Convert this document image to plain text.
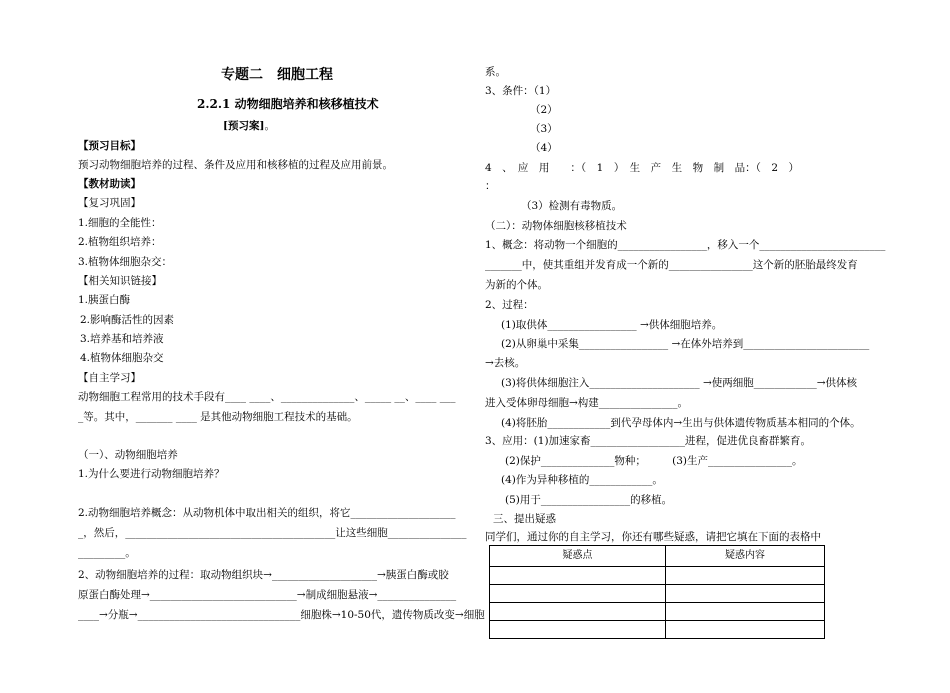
专题二　细胞工程
2.2.1 动物细胞培养和核移植技术
[预习案]。
【预习目标】
预习动物细胞培养的过程、条件及应用和核移植的过程及应用前景。
【教材助读】
【复习巩固】
1.细胞的全能性：
2.植物组织培养：
3.植物体细胞杂交：
【相关知识链接】
1.胰蛋白酶
2.影响酶活性的因素
3.培养基和培养液
4.植物体细胞杂交
【自主学习】
动物细胞工程常用的技术手段有____ ____、______________、_____ __、____ ___
_等。其中，_______ ____ 是其他动物细胞工程技术的基础。
（一）、动物细胞培养
1.为什么要进行动物细胞培养？
2.动物细胞培养概念：从动物机体中取出相关的组织，将它____________________
_，然后，________________________________________让这些细胞_______________
_________。
2、动物细胞培养的过程：取动物组织块→____________________→胰蛋白酶或胶
原蛋白酶处理→____________________________→制成细胞悬液→_______________
____→分瓶→_______________________________细胞株→10-50代，遗传物质改变→细胞
系。
3、条件：（1）
（2）
（3）
（4）
4　、　应　用　　：（　1　）　生　产　生　物　制　品：（　2　）
：
（3）检测有毒物质。
（二）：动物体细胞核移植技术
1、概念：将动物一个细胞的_________________，移入一个________________________
_______中，使其重组并发育成一个新的________________这个新的胚胎最终发育
为新的个体。
2、过程：
(1)取供体_________________ →供体细胞培养。
(2)从卵巢中采集_________________ →在体外培养到________________________
→去核。
(3)将供体细胞注入_____________________ →使两细胞____________→供体核
进入受体卵母细胞→构建_______________。
(4)将胚胎____________到代孕母体内→生出与供体遗传物质基本相同的个体。
3、应用：(1)加速家畜__________________进程，促进优良畜群繁育。
(2)保护______________物种；　　　(3)生产________________。
(4)作为异种移植的____________。
(5)用于_________________的移植。
三、提出疑惑
同学们，通过你的自主学习，你还有哪些疑惑，请把它填在下面的表格中
疑惑点	疑惑内容
